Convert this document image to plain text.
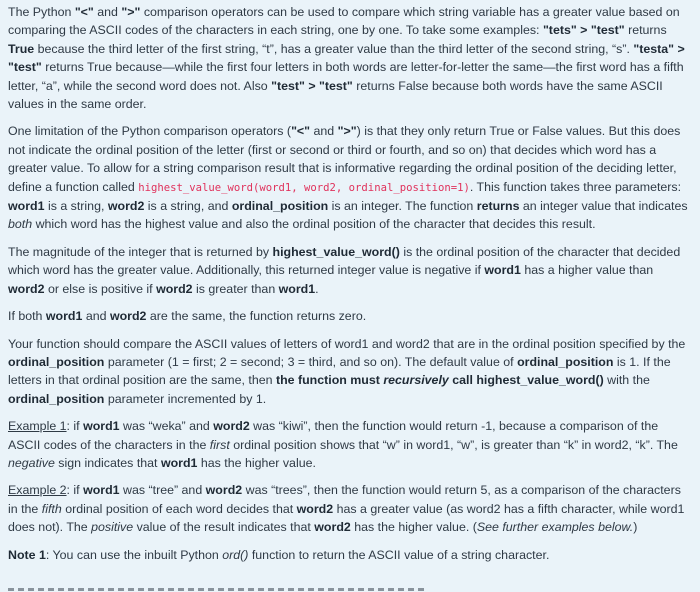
The Python "<" and ">" comparison operators can be used to compare which string variable has a greater value based on comparing the ASCII codes of the characters in each string, one by one. To take some examples: "tets" > "test" returns True because the third letter of the first string, “t”, has a greater value than the third letter of the second string, “s”. "testa" > "test" returns True because—while the first four letters in both words are letter-for-letter the same—the first word has a fifth letter, “a”, while the second word does not. Also "test" > "test" returns False because both words have the same ASCII values in the same order.

One limitation of the Python comparison operators ("<" and ">") is that they only return True or False values. But this does not indicate the ordinal position of the letter (first or second or third or fourth, and so on) that decides which word has a greater value. To allow for a string comparison result that is informative regarding the ordinal position of the deciding letter, define a function called highest_value_word(word1, word2, ordinal_position=1). This function takes three parameters: word1 is a string, word2 is a string, and ordinal_position is an integer. The function returns an integer value that indicates both which word has the highest value and also the ordinal position of the character that decides this result.

The magnitude of the integer that is returned by highest_value_word() is the ordinal position of the character that decided which word has the greater value. Additionally, this returned integer value is negative if word1 has a higher value than word2 or else is positive if word2 is greater than word1.

If both word1 and word2 are the same, the function returns zero.

Your function should compare the ASCII values of letters of word1 and word2 that are in the ordinal position specified by the ordinal_position parameter (1 = first; 2 = second; 3 = third, and so on). The default value of ordinal_position is 1. If the letters in that ordinal position are the same, then the function must recursively call highest_value_word() with the ordinal_position parameter incremented by 1.

Example 1: if word1 was “weka” and word2 was “kiwi”, then the function would return -1, because a comparison of the ASCII codes of the characters in the first ordinal position shows that “w” in word1, “w”, is greater than “k” in word2, “k”. The negative sign indicates that word1 has the higher value.

Example 2: if word1 was “tree” and word2 was “trees”, then the function would return 5, as a comparison of the characters in the fifth ordinal position of each word decides that word2 has a greater value (as word2 has a fifth character, while word1 does not). The positive value of the result indicates that word2 has the higher value. (See further examples below.)

Note 1: You can use the inbuilt Python ord() function to return the ASCII value of a string character.
